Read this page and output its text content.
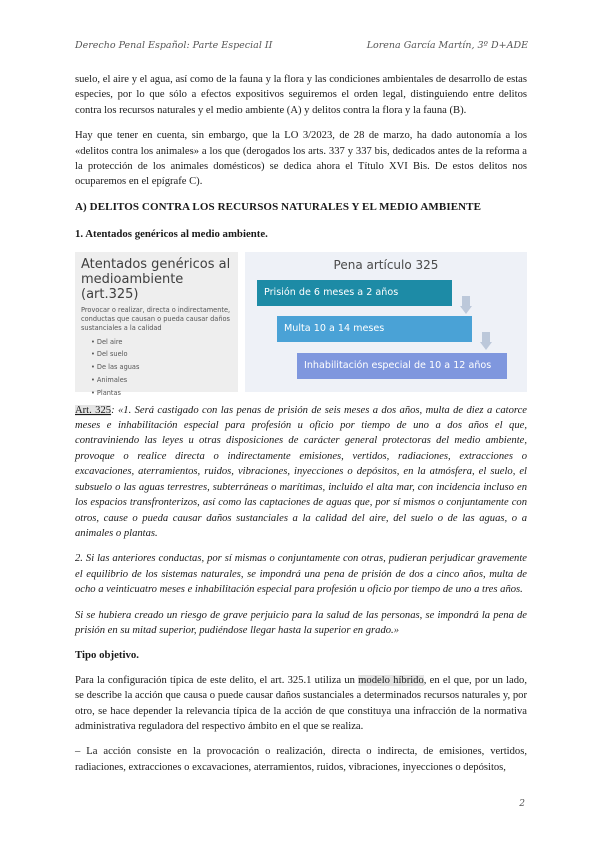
Derecho Penal Español: Parte Especial II	Lorena García Martín, 3º D+ADE

suelo, el aire y el agua, así como de la fauna y la flora y las condiciones ambientales de desarrollo de estas especies, por lo que sólo a efectos expositivos seguiremos el orden legal, distinguiendo entre delitos contra los recursos naturales y el medio ambiente (A) y delitos contra la flora y la fauna (B).

Hay que tener en cuenta, sin embargo, que la LO 3/2023, de 28 de marzo, ha dado autonomía a los «delitos contra los animales» a los que (derogados los arts. 337 y 337 bis, dedicados antes de la reforma a la protección de los animales domésticos) se dedica ahora el Título XVI Bis. De estos delitos nos ocuparemos en el epígrafe C).

A) DELITOS CONTRA LOS RECURSOS NATURALES Y EL MEDIO AMBIENTE
1. Atentados genéricos al medio ambiente.
Atentados genéricos al medioambiente (art.325)
Provocar o realizar, directa o indirectamente, conductas que causan o pueda causar daños sustanciales a la calidad
• Del aire
• Del suelo
• De las aguas
• Animales
• Plantas
Pena artículo 325
Prisión de 6 meses a 2 años
Multa 10 a 14 meses
Inhabilitación especial de 10 a 12 años

Art. 325: «1. Será castigado con las penas de prisión de seis meses a dos años, multa de diez a catorce meses e inhabilitación especial para profesión u oficio por tiempo de uno a dos años el que, contraviniendo las leyes u otras disposiciones de carácter general protectoras del medio ambiente, provoque o realice directa o indirectamente emisiones, vertidos, radiaciones, extracciones o excavaciones, aterramientos, ruidos, vibraciones, inyecciones o depósitos, en la atmósfera, el suelo, el subsuelo o las aguas terrestres, subterráneas o marítimas, incluido el alta mar, con incidencia incluso en los espacios transfronterizos, así como las captaciones de aguas que, por sí mismos o conjuntamente con otros, cause o pueda causar daños sustanciales a la calidad del aire, del suelo o de las aguas, o a animales o plantas.

2. Si las anteriores conductas, por sí mismas o conjuntamente con otras, pudieran perjudicar gravemente el equilibrio de los sistemas naturales, se impondrá una pena de prisión de dos a cinco años, multa de ocho a veinticuatro meses e inhabilitación especial para profesión u oficio por tiempo de uno a tres años.

Si se hubiera creado un riesgo de grave perjuicio para la salud de las personas, se impondrá la pena de prisión en su mitad superior, pudiéndose llegar hasta la superior en grado.»

Tipo objetivo.

Para la configuración típica de este delito, el art. 325.1 utiliza un modelo híbrido, en el que, por un lado, se describe la acción que causa o puede causar daños sustanciales a determinados recursos naturales y, por otro, se hace depender la relevancia típica de la acción de que constituya una infracción de la normativa administrativa reguladora del respectivo ámbito en el que se realiza.

– La acción consiste en la provocación o realización, directa o indirecta, de emisiones, vertidos, radiaciones, extracciones o excavaciones, aterramientos, ruidos, vibraciones, inyecciones o depósitos,

2
